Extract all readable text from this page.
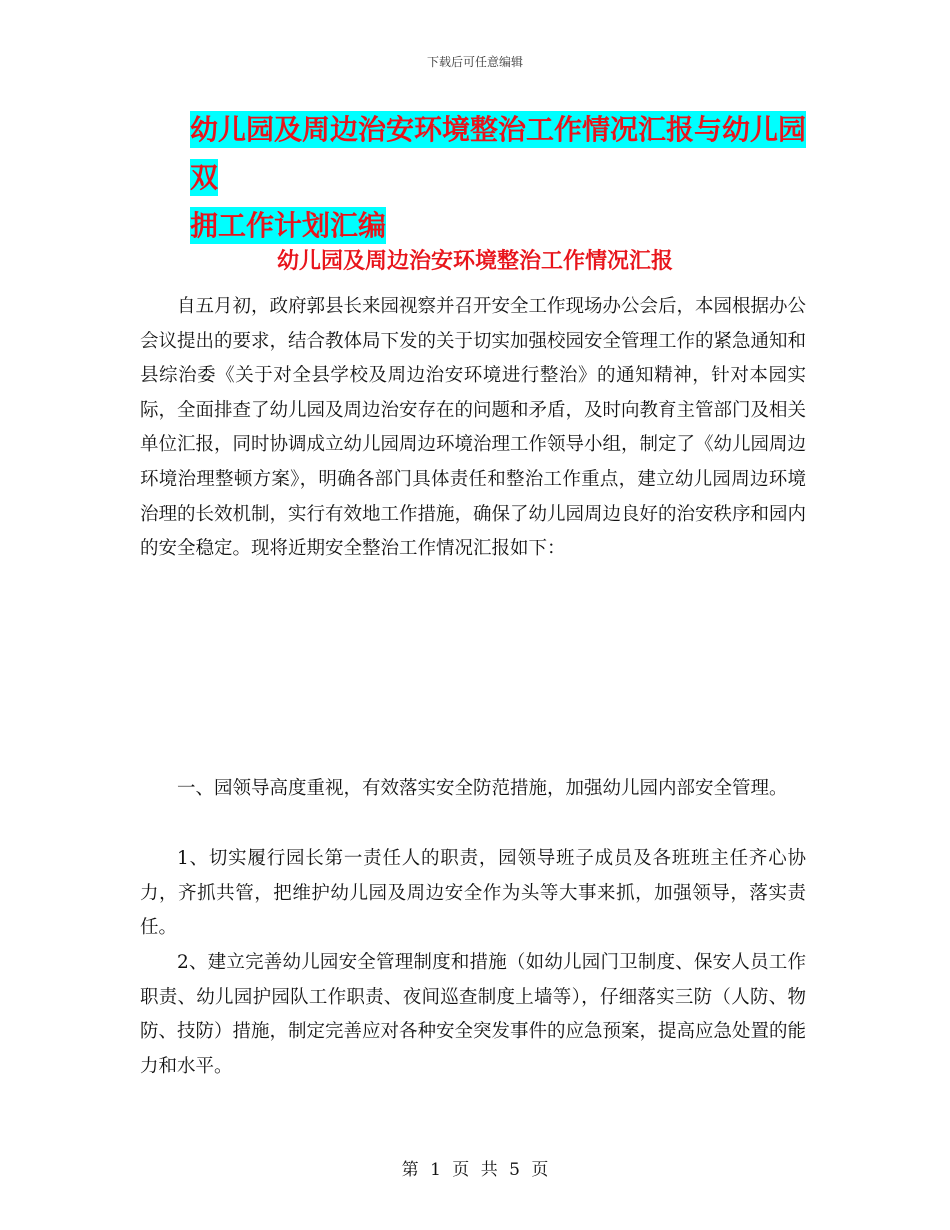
下载后可任意编辑
幼儿园及周边治安环境整治工作情况汇报与幼儿园双
拥工作计划汇编
幼儿园及周边治安环境整治工作情况汇报

自五月初，政府郭县长来园视察并召开安全工作现场办公会后，本园根据办公会议提出的要求，结合教体局下发的关于切实加强校园安全管理工作的紧急通知和县综治委《关于对全县学校及周边治安环境进行整治》的通知精神，针对本园实际，全面排查了幼儿园及周边治安存在的问题和矛盾，及时向教育主管部门及相关单位汇报，同时协调成立幼儿园周边环境治理工作领导小组，制定了《幼儿园周边环境治理整顿方案》，明确各部门具体责任和整治工作重点，建立幼儿园周边环境治理的长效机制，实行有效地工作措施，确保了幼儿园周边良好的治安秩序和园内的安全稳定。现将近期安全整治工作情况汇报如下：

一、园领导高度重视，有效落实安全防范措施，加强幼儿园内部安全管理。

1、切实履行园长第一责任人的职责，园领导班子成员及各班班主任齐心协力，齐抓共管，把维护幼儿园及周边安全作为头等大事来抓，加强领导，落实责任。

2、建立完善幼儿园安全管理制度和措施（如幼儿园门卫制度、保安人员工作职责、幼儿园护园队工作职责、夜间巡查制度上墙等），仔细落实三防（人防、物防、技防）措施，制定完善应对各种安全突发事件的应急预案，提高应急处置的能力和水平。

第 1 页 共 5 页
